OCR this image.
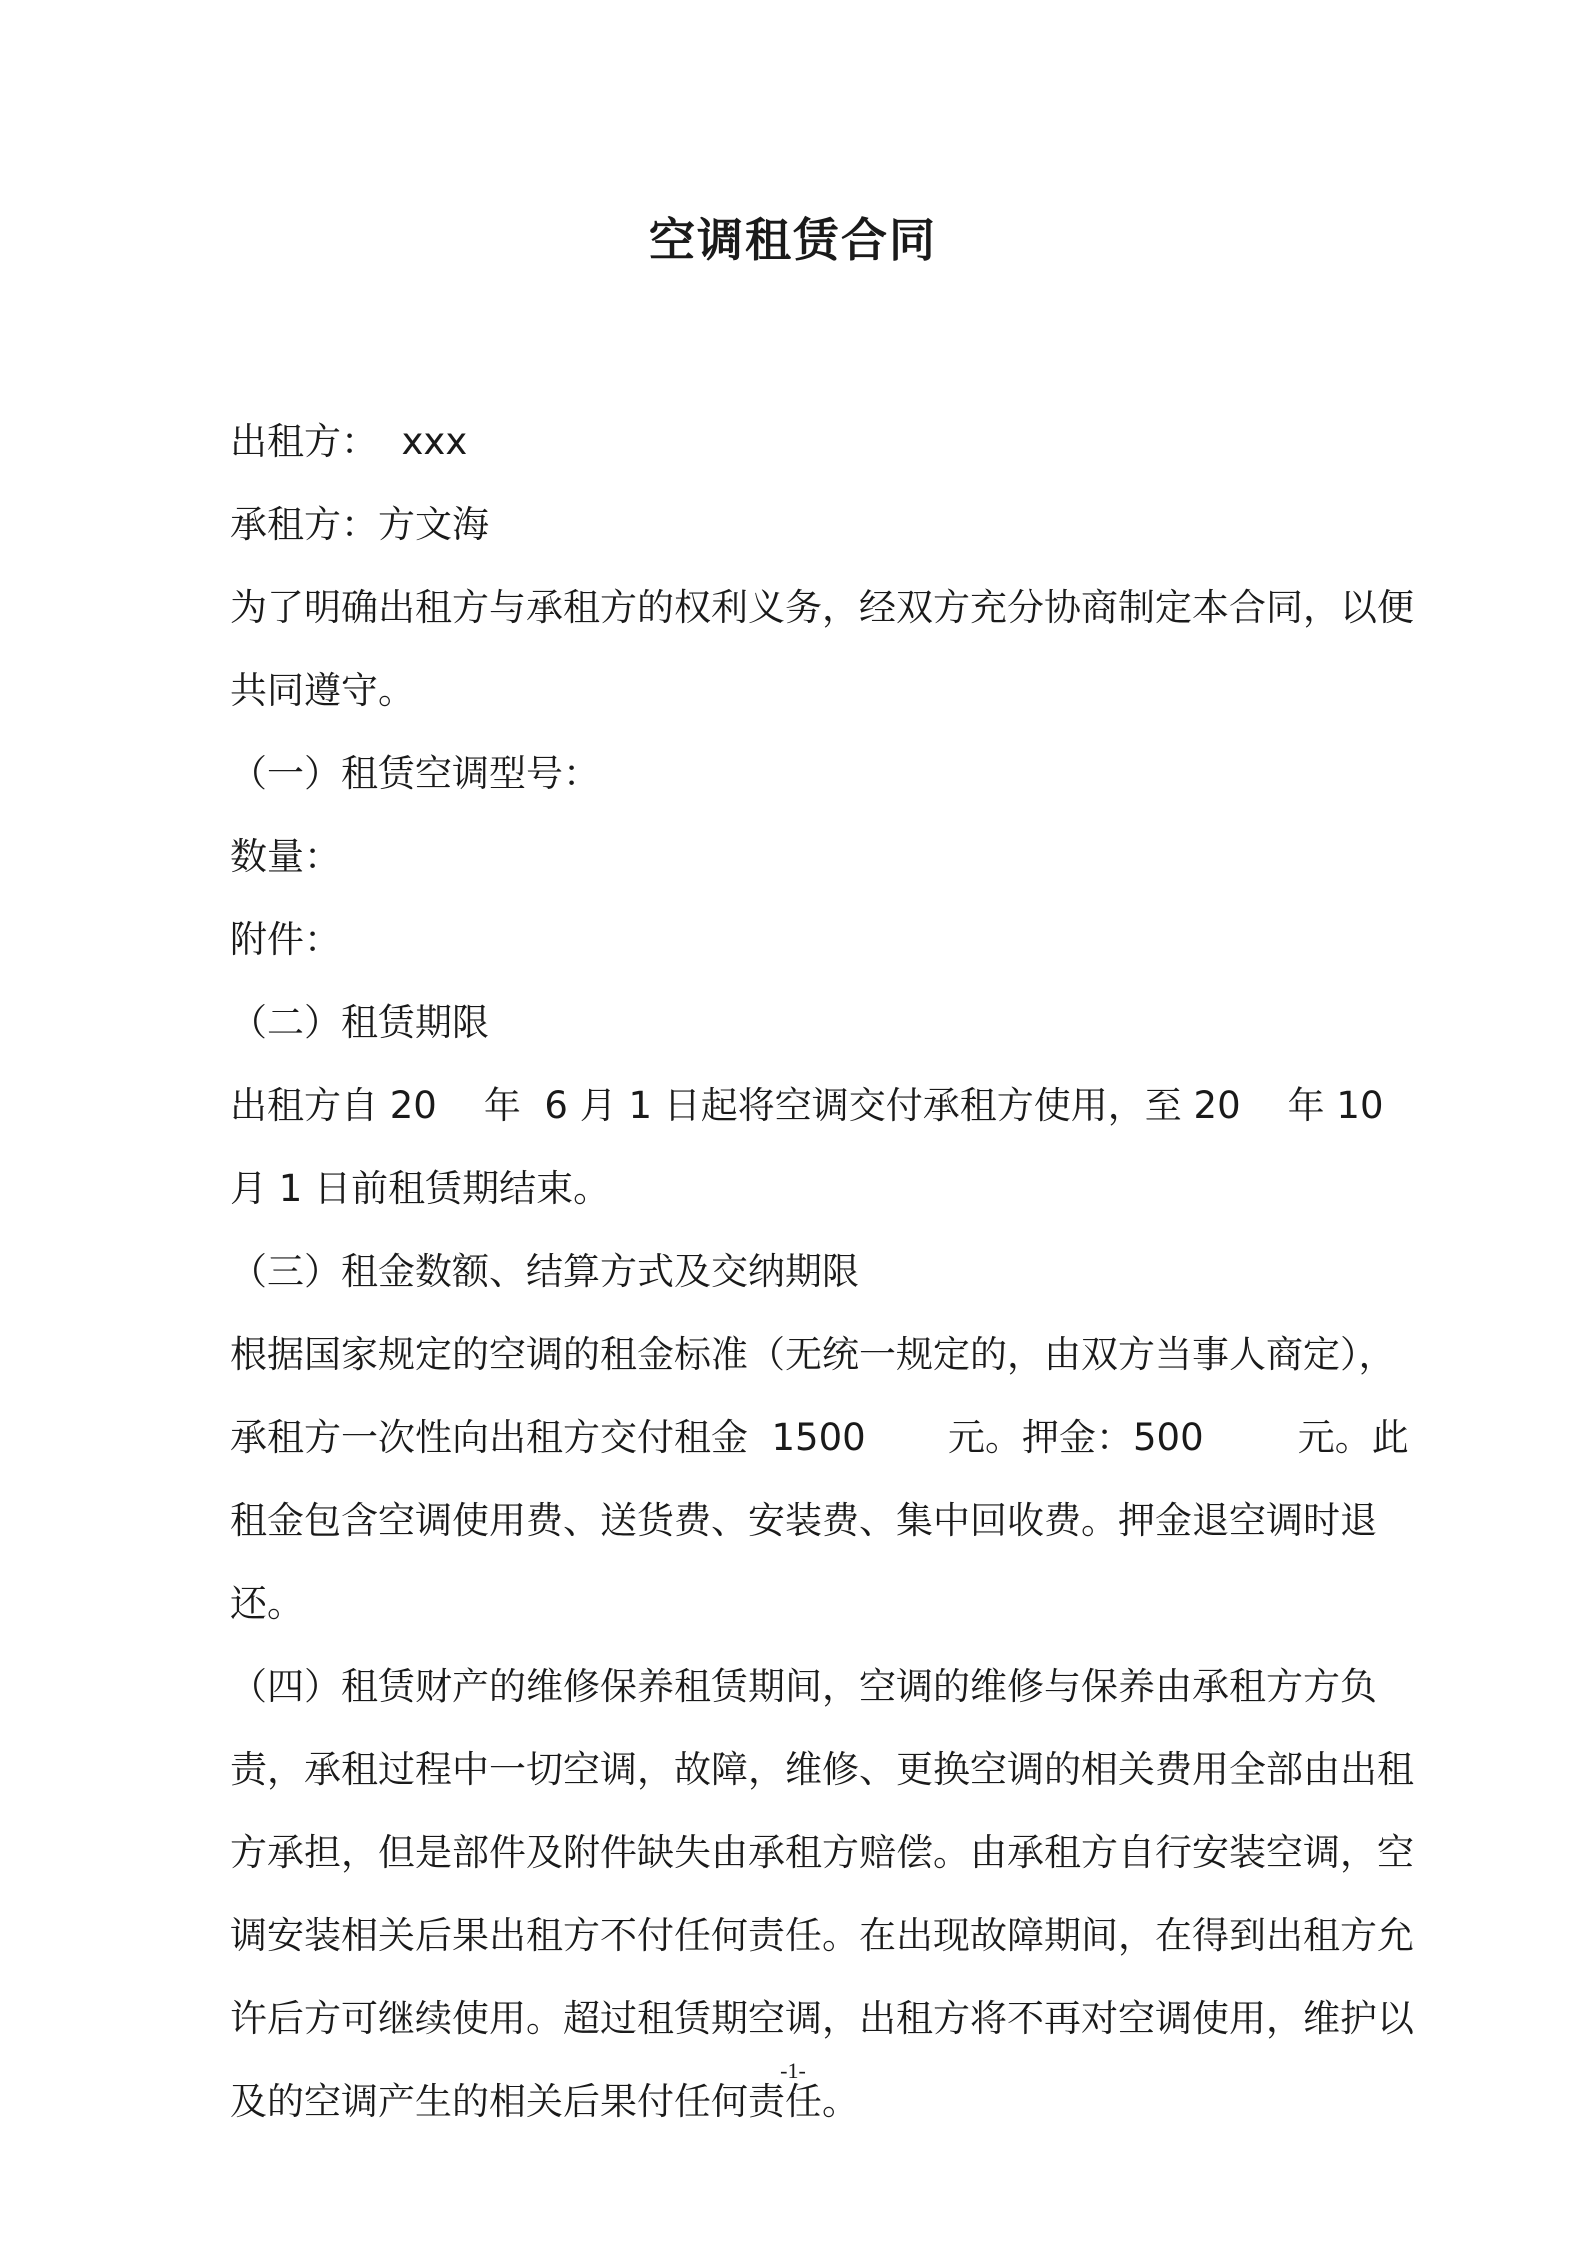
空调租赁合同

出租方：  xxx

承租方：方文海

为了明确出租方与承租方的权利义务，经双方充分协商制定本合同，以便共同遵守。

（一）租赁空调型号：

数量：

附件：

（二）租赁期限

出租方自 20    年  6 月 1 日起将空调交付承租方使用，至 20    年 10 月 1 日前租赁期结束。

（三）租金数额、结算方式及交纳期限

根据国家规定的空调的租金标准（无统一规定的，由双方当事人商定），承租方一次性向出租方交付租金  1500       元。押金：500        元。此租金包含空调使用费、送货费、安装费、集中回收费。押金退空调时退还。

（四）租赁财产的维修保养租赁期间，空调的维修与保养由承租方方负责，承租过程中一切空调，故障，维修、更换空调的相关费用全部由出租方承担，但是部件及附件缺失由承租方赔偿。由承租方自行安装空调，空调安装相关后果出租方不付任何责任。在出现故障期间，在得到出租方允许后方可继续使用。超过租赁期空调，出租方将不再对空调使用，维护以及的空调产生的相关后果付任何责任。

-1-
